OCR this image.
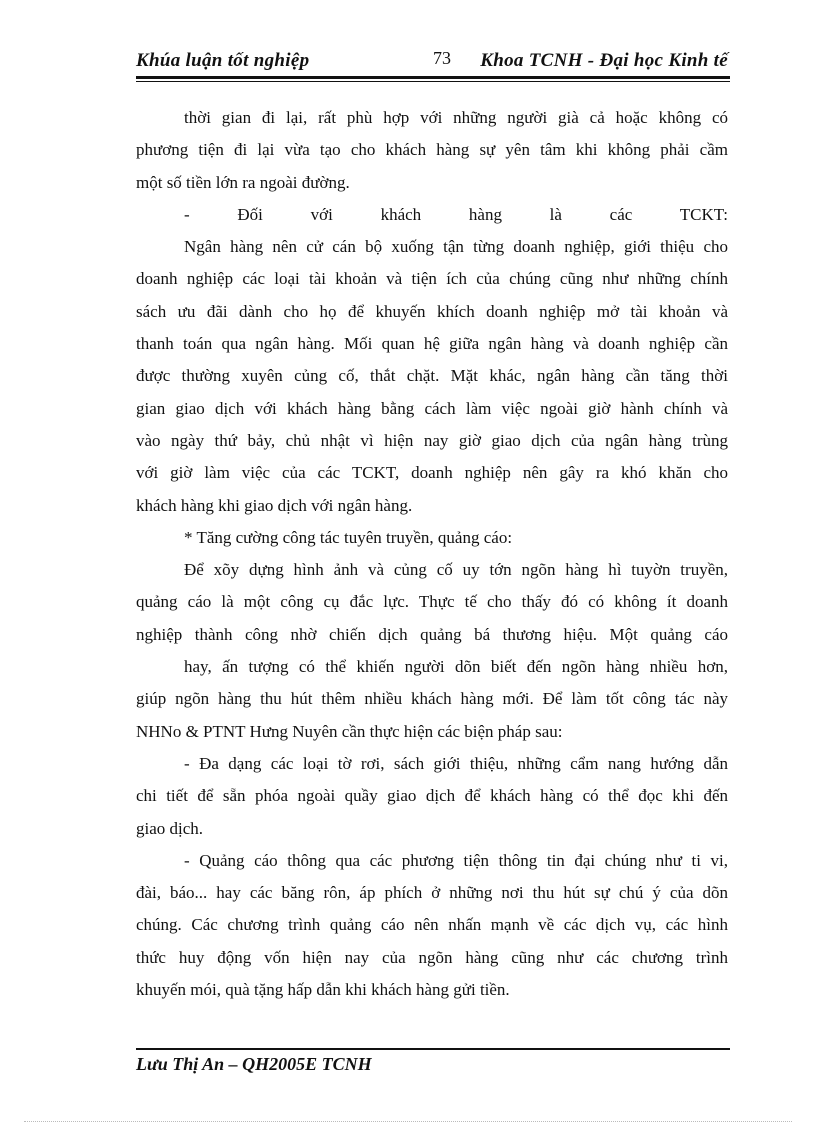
Khúa luận tốt nghiệp	73 Khoa TCNH - Đại học Kinh tế
thời gian đi lại, rất phù hợp với những người già cả hoặc không có
phương tiện đi lại vừa tạo cho khách hàng sự yên tâm khi không phải cầm
một số tiền lớn ra ngoài đường.
- Đối với khách hàng là các TCKT:
Ngân hàng nên cử cán bộ xuống tận từng doanh nghiệp, giới thiệu cho
doanh nghiệp các loại tài khoản và tiện ích của chúng cũng như những chính
sách ưu đãi dành cho họ để khuyến khích doanh nghiệp mở tài khoản và
thanh toán qua ngân hàng. Mối quan hệ giữa ngân hàng và doanh nghiệp cần
được thường xuyên củng cố, thắt chặt. Mặt khác, ngân hàng cần tăng thời
gian giao dịch với khách hàng bằng cách làm việc ngoài giờ hành chính và
vào ngày thứ bảy, chủ nhật vì hiện nay giờ giao dịch của ngân hàng trùng
với giờ làm việc của các TCKT, doanh nghiệp nên gây ra khó khăn cho
khách hàng khi giao dịch với ngân hàng.
* Tăng cường công tác tuyên truyền, quảng cáo:
Để xõy dựng hình ảnh và củng cố uy tớn ngõn hàng hì tuyờn truyền,
quảng cáo là một công cụ đắc lực. Thực tế cho thấy đó có không ít doanh
nghiệp thành công nhờ chiến dịch quảng bá thương hiệu. Một quảng cáo
hay, ấn tượng có thể khiến người dõn biết đến ngõn hàng nhiều hơn,
giúp ngõn hàng thu hút thêm nhiều khách hàng mới. Để làm tốt công tác này
NHNo & PTNT Hưng Nuyên cần thực hiện các biện pháp sau:
- Đa dạng các loại tờ rơi, sách giới thiệu, những cẩm nang hướng dẫn
chi tiết để sẵn phóa ngoài quầy giao dịch để khách hàng có thể đọc khi đến
giao dịch.
- Quảng cáo thông qua các phương tiện thông tin đại chúng như ti vi,
đài, báo... hay các băng rôn, áp phích ở những nơi thu hút sự chú ý của dõn
chúng. Các chương trình quảng cáo nên nhấn mạnh về các dịch vụ, các hình
thức huy động vốn hiện nay của ngõn hàng cũng như các chương trình
khuyến mói, quà tặng hấp dẫn khi khách hàng gửi tiền.
Lưu Thị An – QH2005E TCNH
